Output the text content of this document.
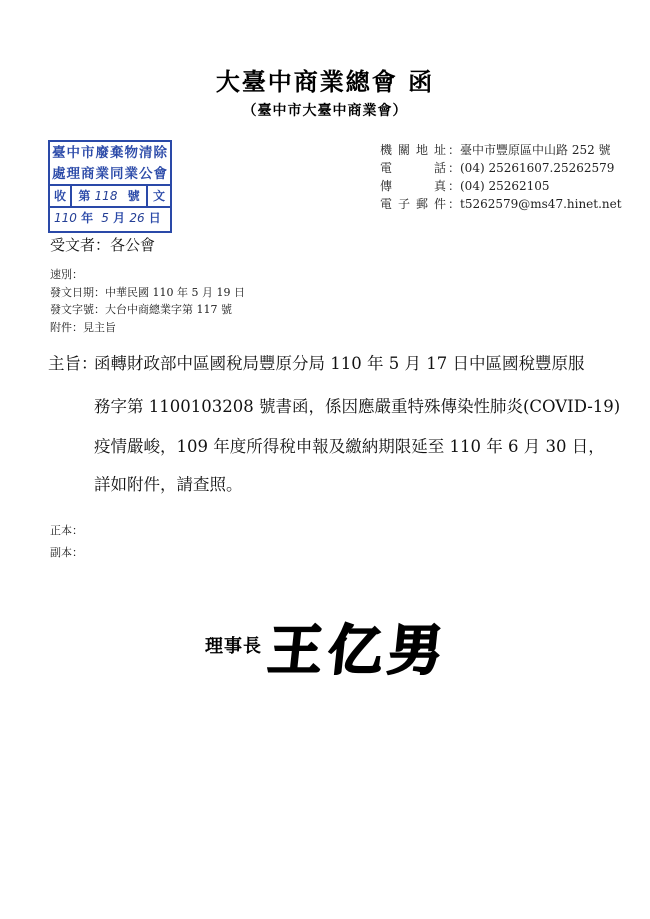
大臺中商業總會 函
（臺中市大臺中商業會）
臺中市廢棄物清除
處理商業同業公會
收	第 118 號	文
110 年 5 月 26 日
機關地址 ：臺中市豐原區中山路 252 號
電　　話 ：(04) 25261607.25262579
傳　　真 ：(04) 25262105
電子郵件 ：t5262579@ms47.hinet.net
受文者：各公會
速別：
發文日期：中華民國 110 年 5 月 19 日
發文字號：大台中商總業字第 117 號
附件：見主旨
主旨：
函轉財政部中區國稅局豐原分局 110 年 5 月 17 日中區國稅豐原服
務字第 1100103208 號書函，係因應嚴重特殊傳染性肺炎(COVID-19)
疫情嚴峻，109 年度所得稅申報及繳納期限延至 110 年 6 月 30 日，
詳如附件，請查照。
正本：
副本：
理事長 王亿男
